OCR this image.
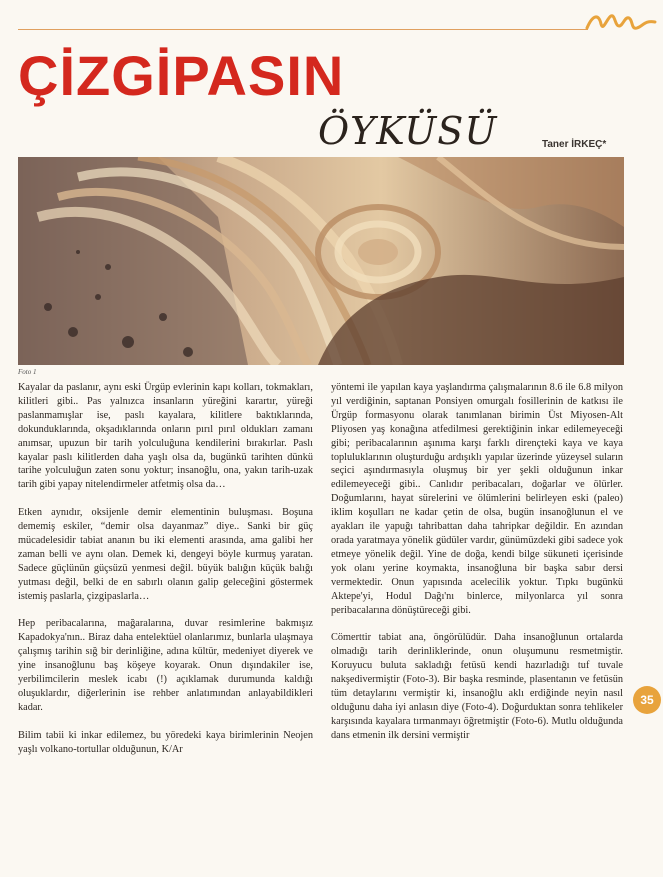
ÇİZGİPASIN
ÖYKÜSÜ	Taner İRKEÇ*
Foto 1

Kayalar da paslanır, aynı eski Ürgüp evlerinin kapı kolları, tokmakları, kilitleri gibi.. Pas yalnızca insanların yüreğini karartır, yüreği paslanmamışlar ise, paslı kayalara, kilitlere baktıklarında, dokunduklarında, okşadıklarında onların pırıl pırıl oldukları zamanı anımsar, upuzun bir tarih yolculuğuna kendilerini bırakırlar. Paslı kayalar paslı kilitlerden daha yaşlı olsa da, bugünkü tarihten dünkü tarihe yolculuğun zaten sonu yoktur; insanoğlu, ona, yakın tarih-uzak tarih gibi yapay nitelendirmeler atfetmiş olsa da…

Etken aynıdır, oksijenle demir elementinin buluşması. Boşuna dememiş eskiler, “demir olsa dayanmaz” diye.. Sanki bir güç mücadelesidir tabiat ananın bu iki elementi arasında, ama galibi her zaman belli ve aynı olan. Demek ki, dengeyi böyle kurmuş yaratan. Sadece güçlünün güçsüzü yenmesi değil. büyük balığın küçük balığı yutması değil, belki de en sabırlı olanın galip geleceğini göstermek istemiş paslarla, çizgipaslarla…

Hep peribacalarına, mağaralarına, duvar resimlerine bakmışız Kapadokya'nın.. Biraz daha entelektüel olanlarımız, bunlarla ulaşmaya çalışmış tarihin sığ bir derinliğine, adına kültür, medeniyet diyerek ve yine insanoğlunu baş köşeye koyarak. Onun dışındakiler ise, yerbilimcilerin meslek icabı (!) açıklamak durumunda kaldığı oluşuklardır, diğerlerinin ise rehber anlatımından anlayabildikleri kadar.

Bilim tabii ki inkar edilemez, bu yöredeki kaya birimlerinin Neojen yaşlı volkano-tortullar olduğunun, K/Ar

yöntemi ile yapılan kaya yaşlandırma çalışmalarının 8.6 ile 6.8 milyon yıl verdiğinin, saptanan Ponsiyen omurgalı fosillerinin de katkısı ile Ürgüp formasyonu olarak tanımlanan birimin Üst Miyosen-Alt Pliyosen yaş konağına atfedilmesi gerektiğinin inkar edilemeyeceği gibi; peribacalarının aşınıma karşı farklı dirençteki kaya ve kaya topluluklarının oluşturduğu ardışıklı yapılar üzerinde yüzeysel suların seçici aşındırmasıyla oluşmuş bir yer şekli olduğunun inkar edilemeyeceği gibi.. Canlıdır peribacaları, doğarlar ve ölürler. Doğumlarını, hayat sürelerini ve ölümlerini belirleyen eski (paleo) iklim koşulları ne kadar çetin de olsa, bugün insanoğlunun el ve ayakları ile yapuğı tahribattan daha tahripkar değildir. En azından orada yaratmaya yönelik güdüler vardır, günümüzdeki gibi sadece yok etmeye yönelik değil. Yine de doğa, kendi bilge sükuneti içerisinde yok olanı yerine koymakta, insanoğluna bir başka sabır dersi vermektedir. Onun yapısında acelecilik yoktur. Tıpkı bugünkü Aktepe'yi, Hodul Dağı'nı binlerce, milyonlarca yıl sonra peribacalarına dönüştüreceği gibi.

Cömerttir tabiat ana, öngörülüdür. Daha insanoğlunun ortalarda olmadığı tarih derinliklerinde, onun oluşumunu resmetmiştir. Koruyucu buluta sakladığı fetüsü kendi hazırladığı tuf tuvale nakşedivermiştir (Foto-3). Bir başka resminde, plasentanın ve fetüsün tüm detaylarını vermiştir ki, insanoğlu aklı erdiğinde neyin nasıl olduğunu daha iyi anlasın diye (Foto-4). Doğurduktan sonra tehlikeler karşısında kayalara tırmanmayı öğretmiştir (Foto-6). Mutlu olduğunda dans etmenin ilk dersini vermiştir

35
